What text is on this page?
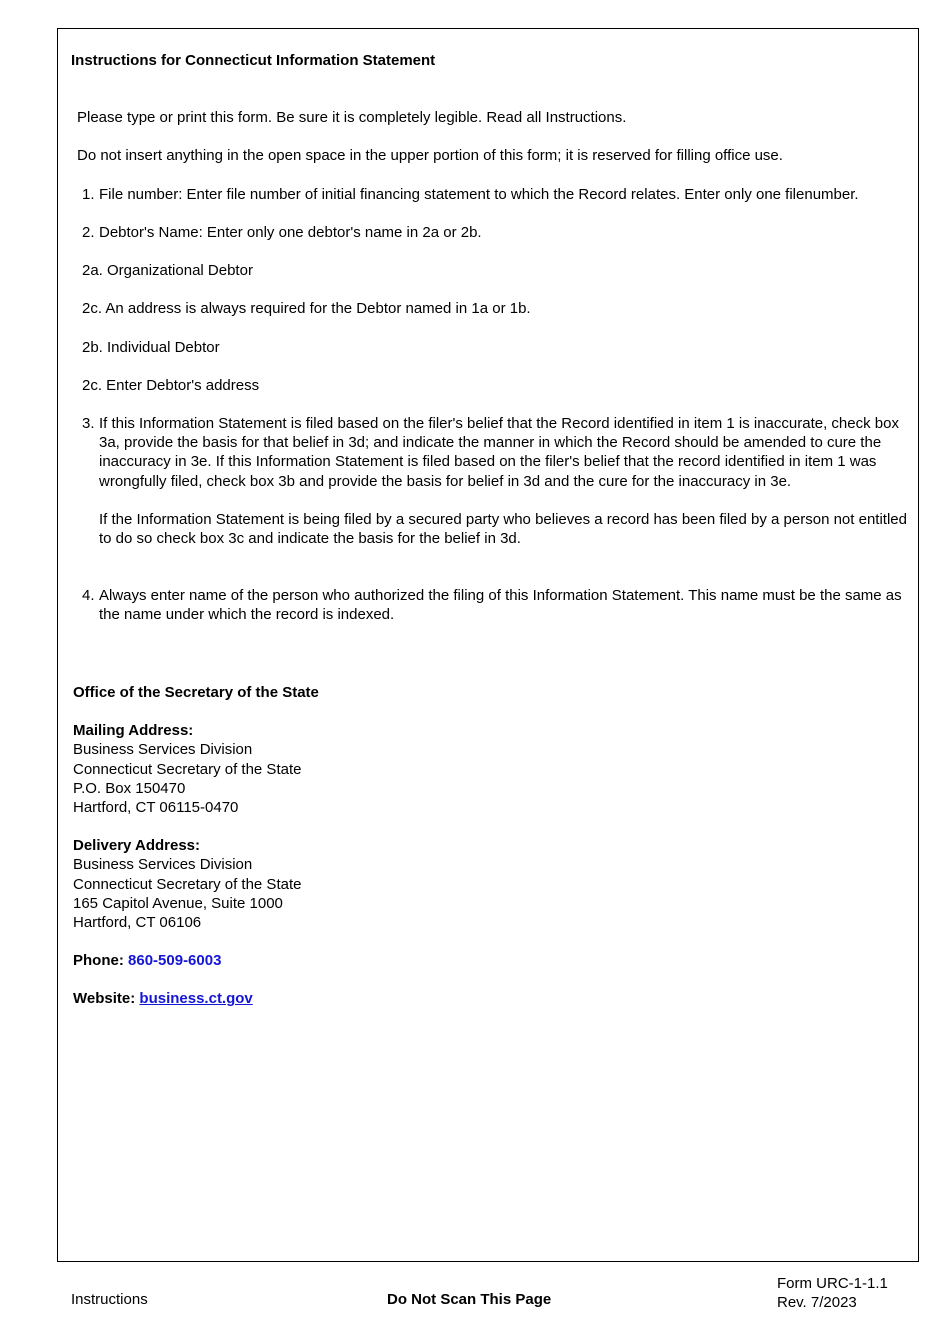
Instructions for Connecticut Information Statement
Please type or print this form. Be sure it is completely legible. Read all Instructions.
Do not insert anything in the open space in the upper portion of this form; it is reserved for filling office use.
1. File number: Enter file number of initial financing statement to which the Record relates. Enter only one filenumber.
2. Debtor's Name: Enter only one debtor's name in 2a or 2b.
2a. Organizational Debtor
2c. An address is always required for the Debtor named in 1a or 1b.
2b. Individual Debtor
2c. Enter Debtor's address
3. If this Information Statement is filed based on the filer's belief that the Record identified in item 1 is inaccurate, check box 3a, provide the basis for that belief in 3d; and indicate the manner in which the Record should be amended to cure the inaccuracy in 3e. If this Information Statement is filed based on the filer's belief that the record identified in item 1 was wrongfully filed, check box 3b and provide the basis for belief in 3d and the cure for the inaccuracy in 3e.

If the Information Statement is being filed by a secured party who believes a record has been filed by a person not entitled to do so check box 3c and indicate the basis for the belief in 3d.

4. Always enter name of the person who authorized the filing of this Information Statement. This name must be the same as the name under which the record is indexed.
Office of the Secretary of the State
Mailing Address:
Business Services Division
Connecticut Secretary of the State
P.O. Box 150470
Hartford, CT 06115-0470
Delivery Address:
Business Services Division
Connecticut Secretary of the State
165 Capitol Avenue, Suite 1000
Hartford, CT 06106
Phone: 860-509-6003
Website: business.ct.gov
Instructions	Do Not Scan This Page
Form URC-1-1.1
Rev. 7/2023
